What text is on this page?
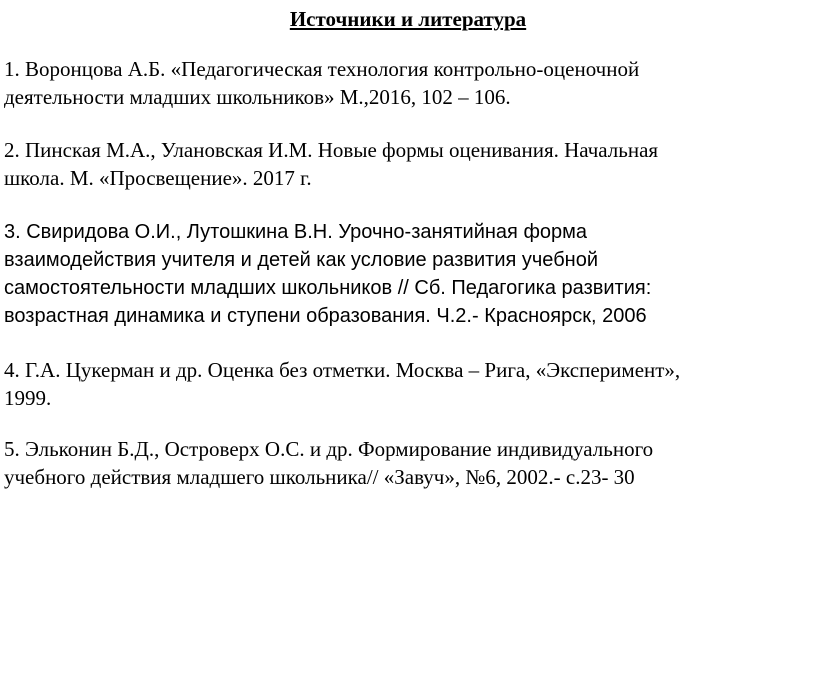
Источники и литература
1. Воронцова А.Б. «Педагогическая технология контрольно-оценочной
деятельности младших школьников» М.,2016, 102 – 106.
2. Пинская М.А., Улановская И.М. Новые формы оценивания. Начальная
школа. М. «Просвещение». 2017 г.
3. Свиридова О.И., Лутошкина В.Н. Урочно-занятийная форма
взаимодействия учителя и детей как условие развития учебной
самостоятельности младших школьников // Сб. Педагогика развития:
возрастная динамика и ступени образования. Ч.2.- Красноярск, 2006
4. Г.А. Цукерман и др. Оценка без отметки. Москва – Рига, «Эксперимент»,
1999.
5. Эльконин Б.Д., Островерх О.С. и др. Формирование индивидуального
учебного действия младшего школьника// «Завуч», №6, 2002.- с.23- 30
